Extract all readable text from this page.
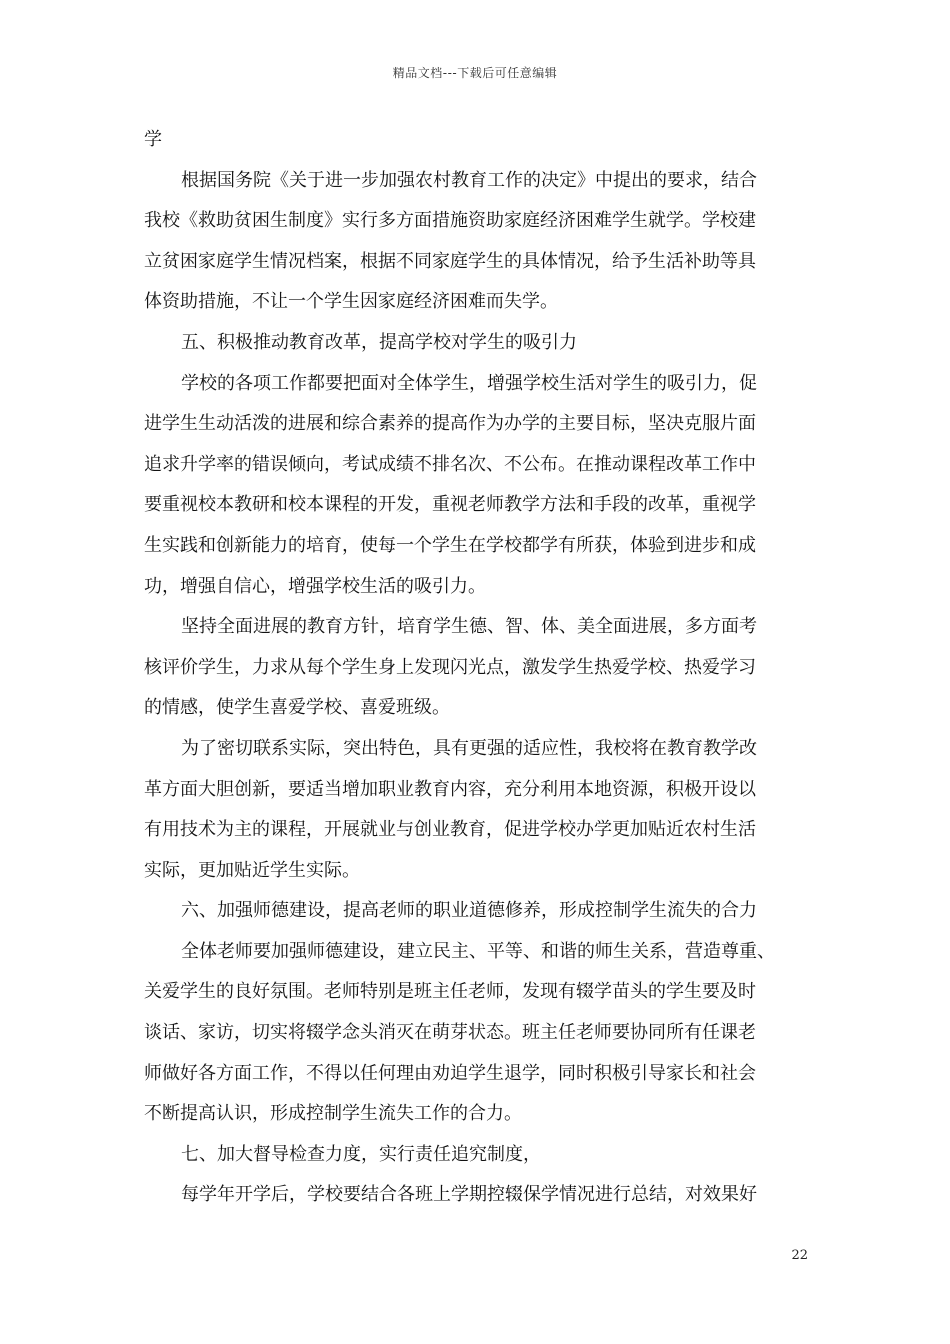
精品文档---下载后可任意编辑
学
根据国务院《关于进一步加强农村教育工作的决定》中提出的要求，结合
我校《救助贫困生制度》实行多方面措施资助家庭经济困难学生就学。学校建
立贫困家庭学生情况档案，根据不同家庭学生的具体情况，给予生活补助等具
体资助措施，不让一个学生因家庭经济困难而失学。
五、积极推动教育改革，提高学校对学生的吸引力
学校的各项工作都要把面对全体学生，增强学校生活对学生的吸引力，促
进学生生动活泼的进展和综合素养的提高作为办学的主要目标，坚决克服片面
追求升学率的错误倾向，考试成绩不排名次、不公布。在推动课程改革工作中
要重视校本教研和校本课程的开发，重视老师教学方法和手段的改革，重视学
生实践和创新能力的培育，使每一个学生在学校都学有所获，体验到进步和成
功，增强自信心，增强学校生活的吸引力。
坚持全面进展的教育方针，培育学生德、智、体、美全面进展，多方面考
核评价学生，力求从每个学生身上发现闪光点，激发学生热爱学校、热爱学习
的情感，使学生喜爱学校、喜爱班级。
为了密切联系实际，突出特色，具有更强的适应性，我校将在教育教学改
革方面大胆创新，要适当增加职业教育内容，充分利用本地资源，积极开设以
有用技术为主的课程，开展就业与创业教育，促进学校办学更加贴近农村生活
实际，更加贴近学生实际。
六、加强师德建设，提高老师的职业道德修养，形成控制学生流失的合力
全体老师要加强师德建设，建立民主、平等、和谐的师生关系，营造尊重、
关爱学生的良好氛围。老师特别是班主任老师，发现有辍学苗头的学生要及时
谈话、家访，切实将辍学念头消灭在萌芽状态。班主任老师要协同所有任课老
师做好各方面工作，不得以任何理由劝迫学生退学，同时积极引导家长和社会
不断提高认识，形成控制学生流失工作的合力。
七、加大督导检查力度，实行责任追究制度，
每学年开学后，学校要结合各班上学期控辍保学情况进行总结，对效果好
22
